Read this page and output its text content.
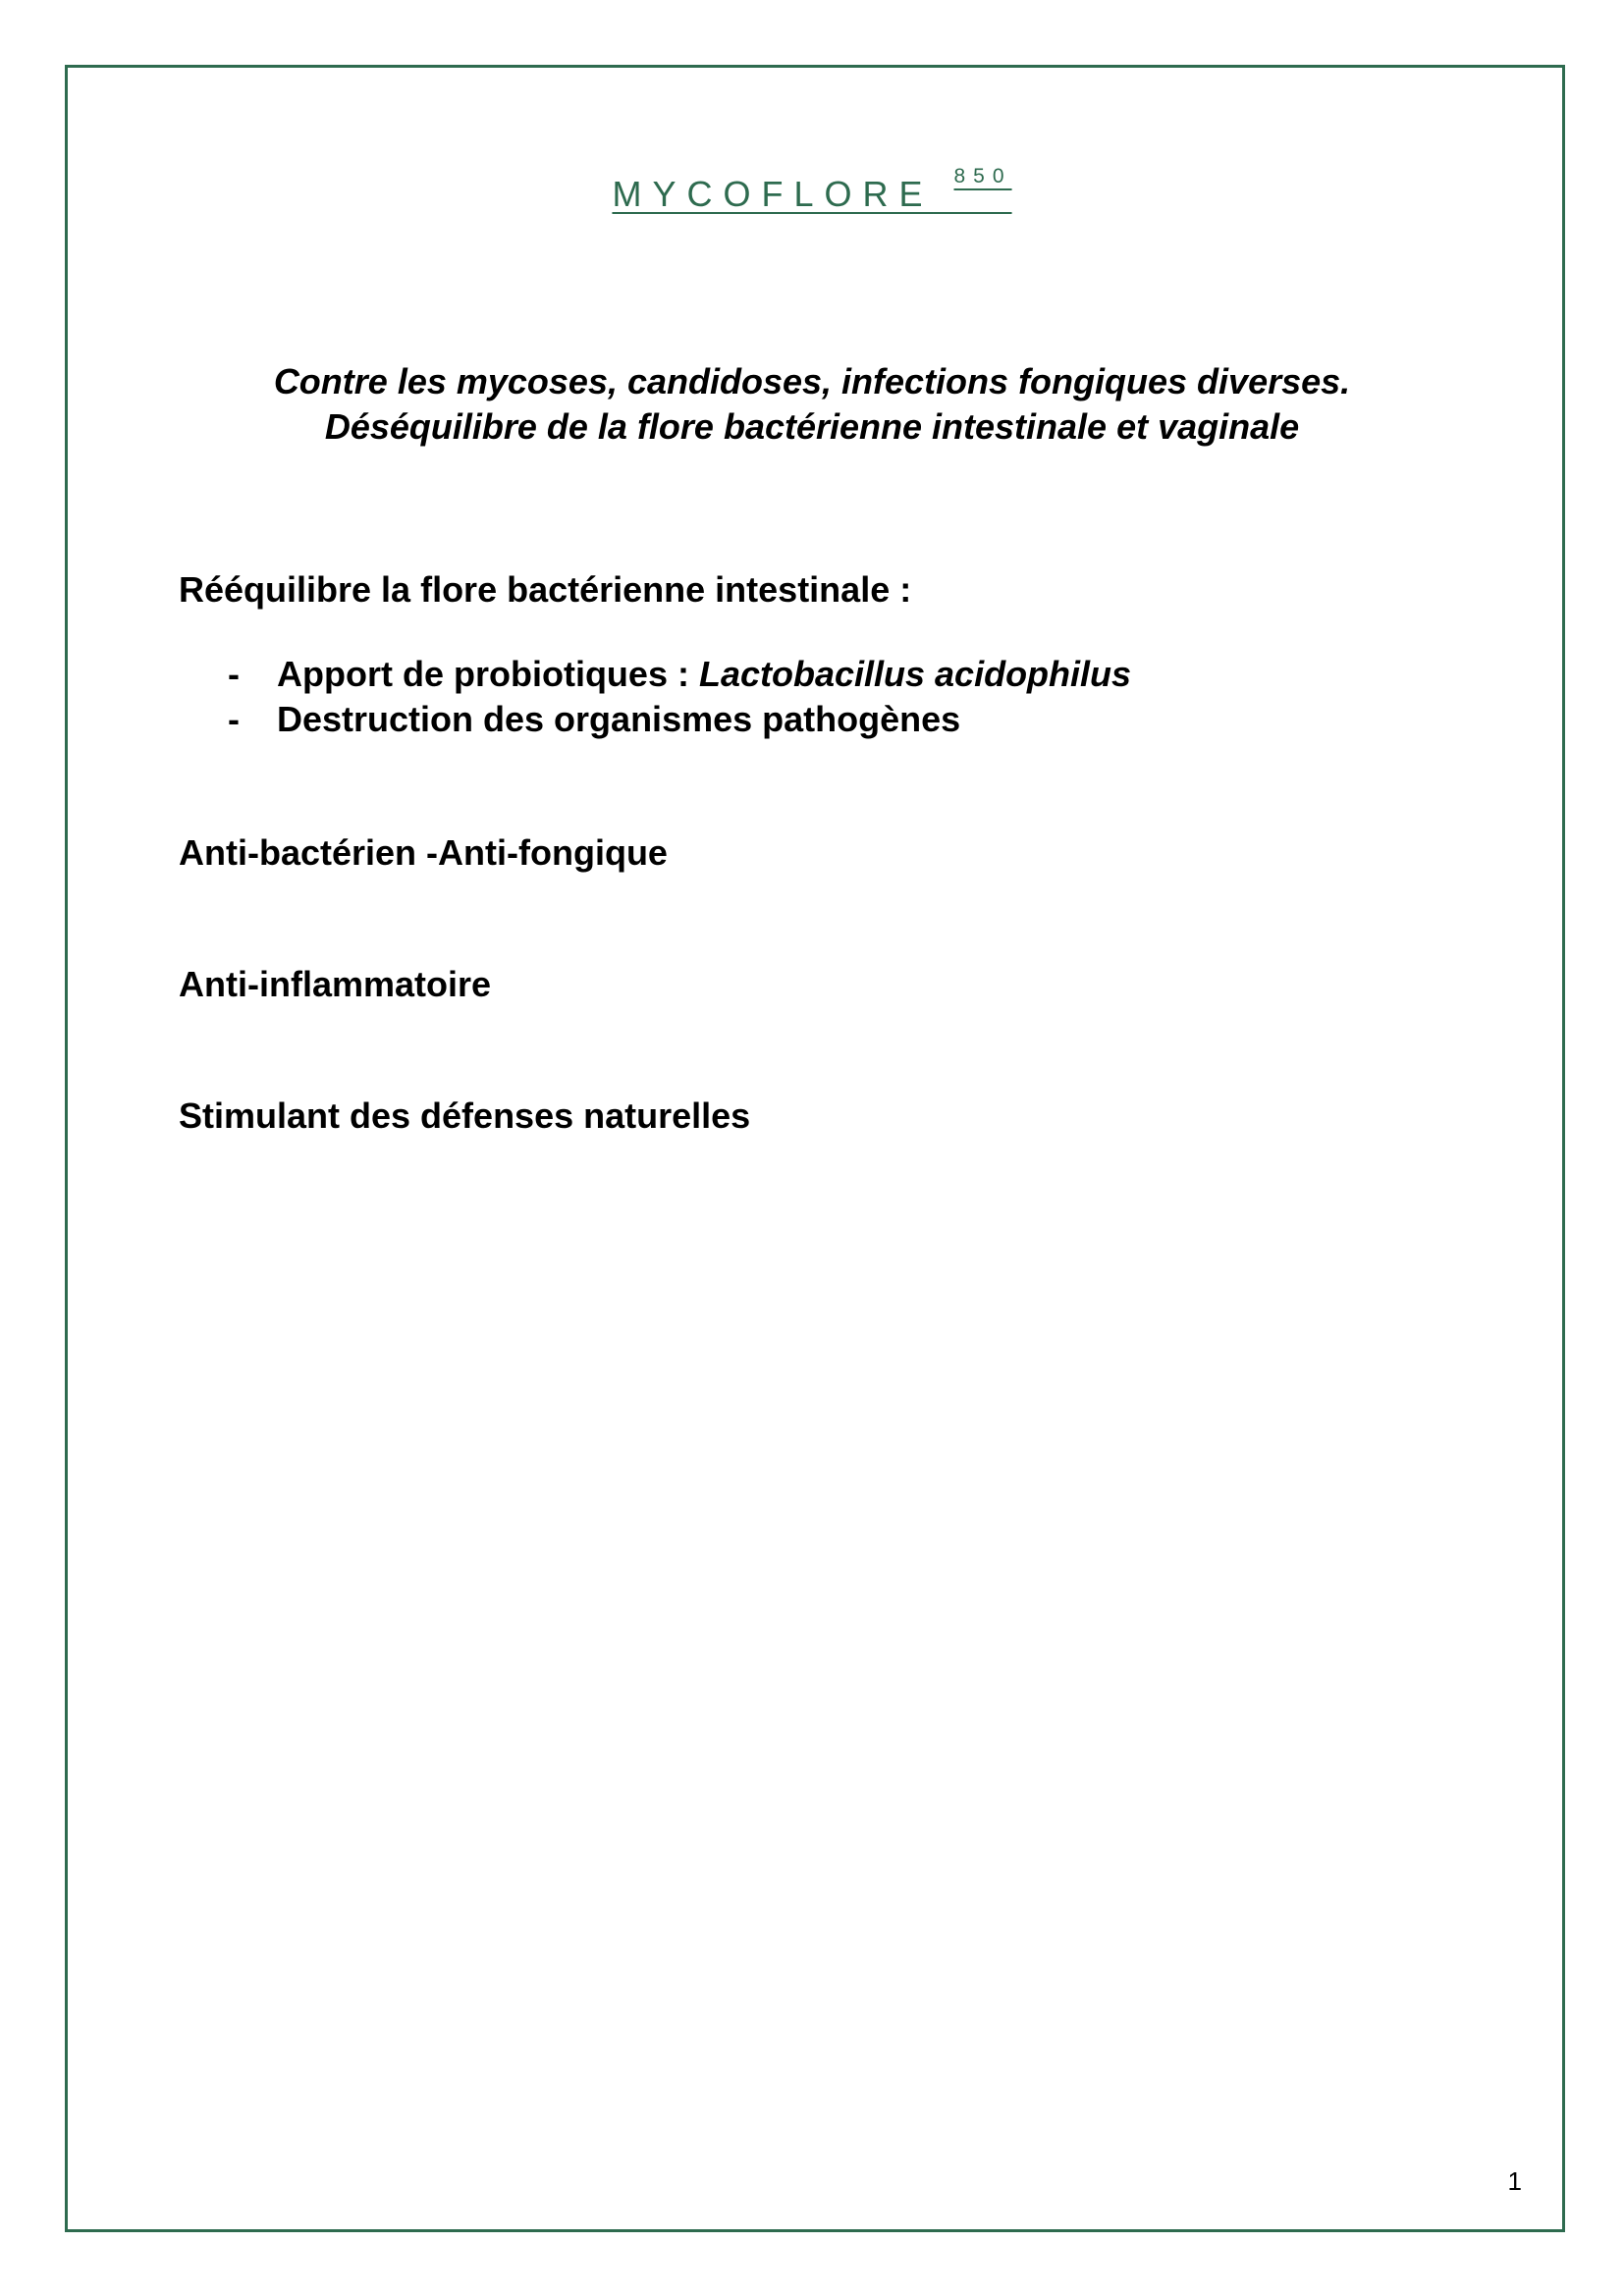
MYCOFLORE $^{850}$
Contre les mycoses, candidoses, infections fongiques diverses.
Déséquilibre de la flore bactérienne intestinale et vaginale
Rééquilibre la flore bactérienne intestinale :
- Apport de probiotiques : Lactobacillus acidophilus
- Destruction des organismes pathogènes
Anti-bactérien -Anti-fongique
Anti-inflammatoire
Stimulant des défenses naturelles
1
